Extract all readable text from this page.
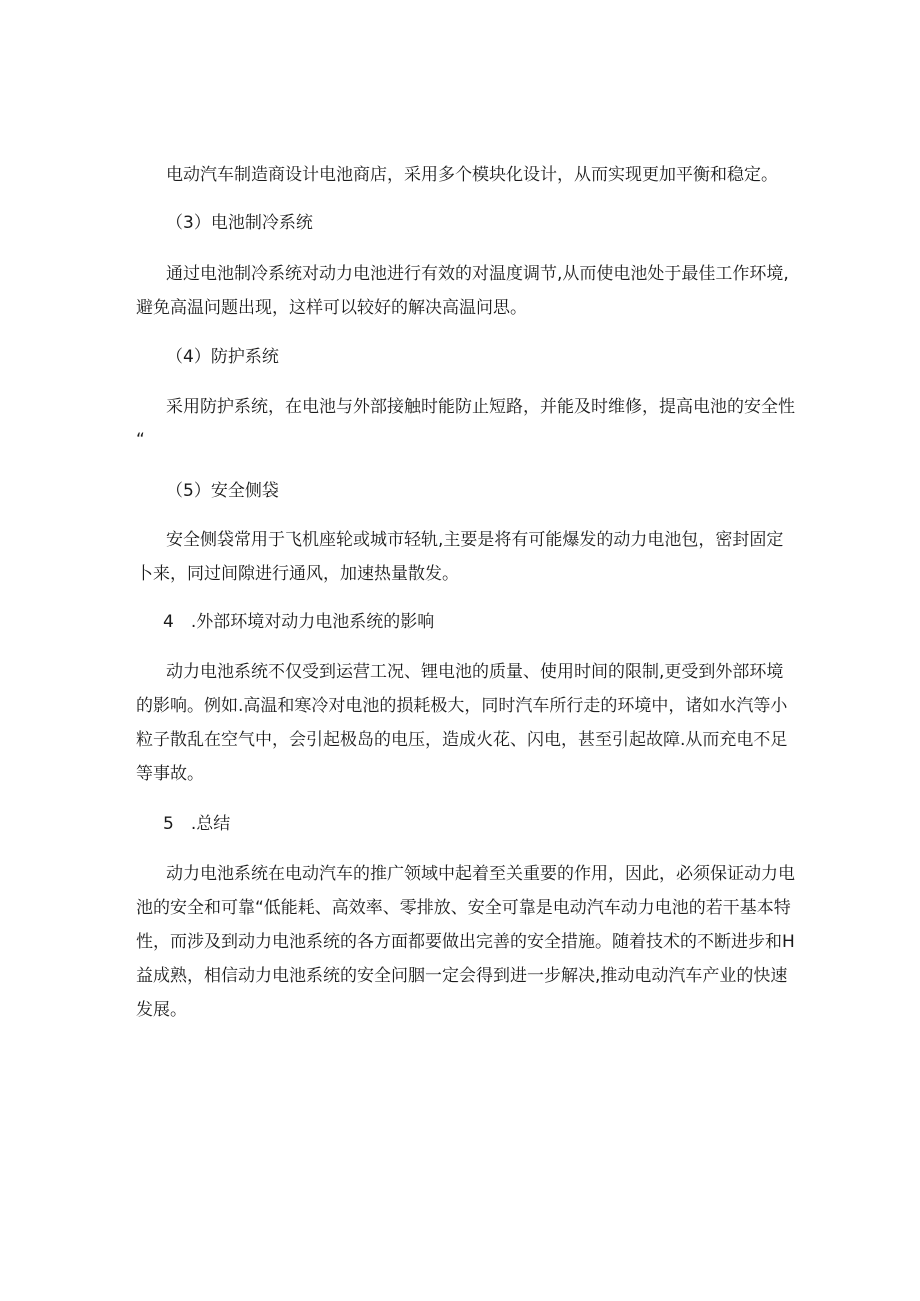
电动汽车制造商设计电池商店，采用多个模块化设计，从而实现更加平衡和稳定。
（3）电池制冷系统
通过电池制冷系统对动力电池进行有效的对温度调节,从而使电池处于最佳工作环境,
避免高温问题出现，这样可以较好的解决高温问思。
（4）防护系统
采用防护系统，在电池与外部接触时能防止短路，并能及时维修，提高电池的安全性
“
（5）安全侧袋
安全侧袋常用于飞机座轮或城市轻轨,主要是将有可能爆发的动力电池包，密封固定
卜来，同过间隙进行通风，加速热量散发。
4　.外部环境对动力电池系统的影响
动力电池系统不仅受到运营工况、锂电池的质量、使用时间的限制,更受到外部环境
的影响。例如.高温和寒冷对电池的损耗极大，同时汽车所行走的环境中，诸如水汽等小
粒子散乱在空气中，会引起极岛的电压，造成火花、闪电，甚至引起故障.从而充电不足
等事故。
5　.总结
动力电池系统在电动汽车的推广领域中起着至关重要的作用，因此，必须保证动力电
池的安全和可靠“低能耗、高效率、零排放、安全可靠是电动汽车动力电池的若干基本特
性，而涉及到动力电池系统的各方面都要做出完善的安全措施。随着技术的不断进步和H
益成熟，相信动力电池系统的安全问胭一定会得到进一步解决,推动电动汽车产业的快速
发展。
